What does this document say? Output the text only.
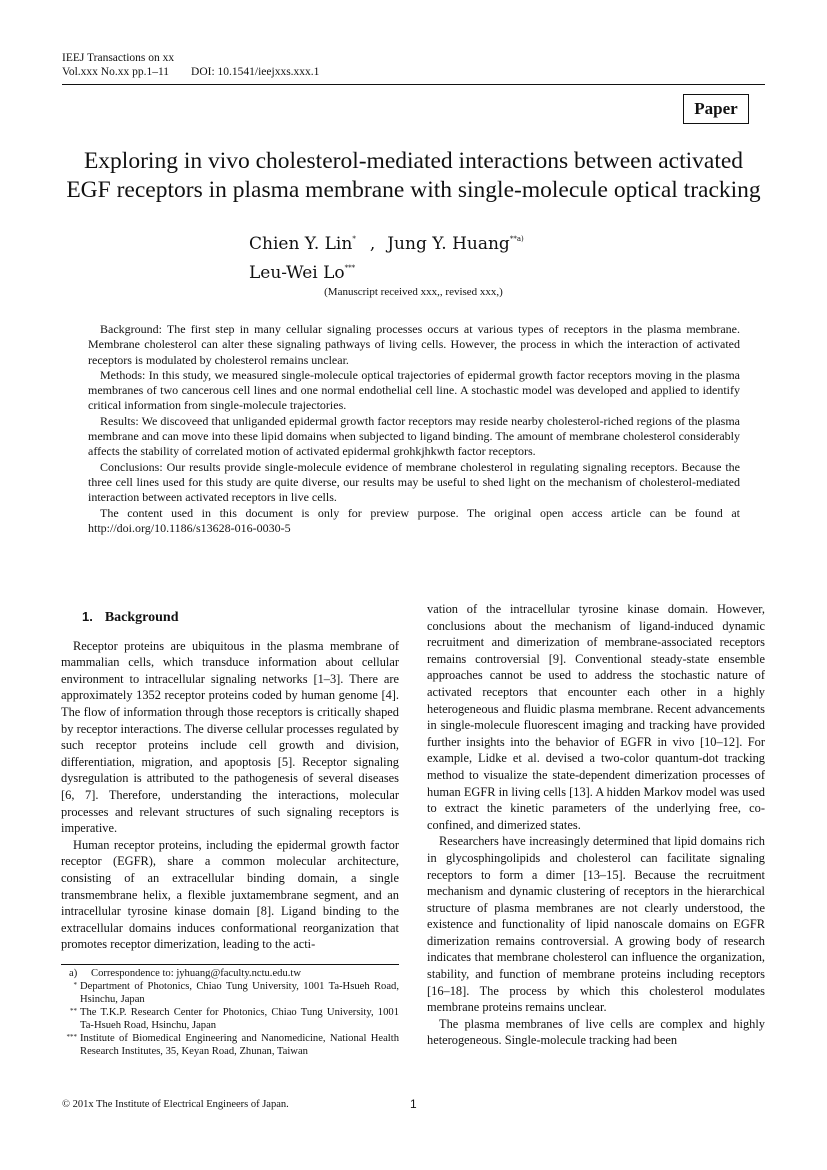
IEEJ Transactions on xx
Vol.xxx No.xx pp.1–11 DOI: 10.1541/ieejxxs.xxx.1
Paper
Exploring in vivo cholesterol-mediated interactions between activated
EGF receptors in plasma membrane with single-molecule optical tracking
Chien Y. Lin* , Jung Y. Huang$^{**a)}$
Leu-Wei Lo***
(Manuscript received xxx,, revised xxx,)

Background: The first step in many cellular signaling processes occurs at various types of receptors in the plasma membrane. Membrane cholesterol can alter these signaling pathways of living cells. However, the process in which the interaction of activated receptors is modulated by cholesterol remains unclear.

Methods: In this study, we measured single-molecule optical trajectories of epidermal growth factor receptors moving in the plasma membranes of two cancerous cell lines and one normal endothelial cell line. A stochastic model was developed and applied to identify critical information from single-molecule trajectories.

Results: We discoveed that unliganded epidermal growth factor receptors may reside nearby cholesterol-riched regions of the plasma membrane and can move into these lipid domains when subjected to ligand binding. The amount of membrane cholesterol considerably affects the stability of correlated motion of activated epidermal grohkjhkwth factor receptors.

Conclusions: Our results provide single-molecule evidence of membrane cholesterol in regulating signaling receptors. Because the three cell lines used for this study are quite diverse, our results may be useful to shed light on the mechanism of cholesterol-mediated interaction between activated receptors in live cells.

The content used in this document is only for preview purpose. The original open access article can be found at http://doi.org/10.1186/s13628-016-0030-5

1. Background

Receptor proteins are ubiquitous in the plasma membrane of mammalian cells, which transduce information about cellular environment to intracellular signaling networks [1–3]. There are approximately 1352 receptor proteins coded by human genome [4]. The flow of information through those receptors is critically shaped by receptor interactions. The diverse cellular processes regulated by such receptor proteins include cell growth and division, differentiation, migration, and apoptosis [5]. Receptor signaling dysregulation is attributed to the pathogenesis of several diseases [6, 7]. Therefore, understanding the interactions, molecular processes and relevant structures of such signaling receptors is imperative.

Human receptor proteins, including the epidermal growth factor receptor (EGFR), share a common molecular architecture, consisting of an extracellular binding domain, a single transmembrane helix, a flexible juxtamembrane segment, and an intracellular tyrosine kinase domain [8]. Ligand binding to the extracellular domains induces conformational reorganization that promotes receptor dimerization, leading to the acti-

vation of the intracellular tyrosine kinase domain. However, conclusions about the mechanism of ligand-induced dynamic recruitment and dimerization of membrane-associated receptors remains controversial [9]. Conventional steady-state ensemble approaches cannot be used to address the stochastic nature of activated receptors that encounter each other in a highly heterogeneous and fluidic plasma membrane. Recent advancements in single-molecule fluorescent imaging and tracking have provided further insights into the behavior of EGFR in vivo [10–12]. For example, Lidke et al. devised a two-color quantum-dot tracking method to visualize the state-dependent dimerization processes of human EGFR in living cells [13]. A hidden Markov model was used to extract the kinetic parameters of the underlying free, co-confined, and dimerized states.

Researchers have increasingly determined that lipid domains rich in glycosphingolipids and cholesterol can facilitate signaling receptors to form a dimer [13–15]. Because the recruitment mechanism and dynamic clustering of receptors in the hierarchical structure of plasma membranes are not clearly understood, the existence and functionality of lipid nanoscale domains on EGFR dimerization remains controversial. A growing body of research indicates that membrane cholesterol can influence the organization, stability, and function of membrane proteins including receptors [16–18]. The process by which this cholesterol modulates membrane proteins remains unclear.

The plasma membranes of live cells are complex and highly heterogeneous. Single-molecule tracking had been

a)	Correspondence to: jyhuang@faculty.nctu.edu.tw
* Department of Photonics, Chiao Tung University, 1001 Ta-Hsueh Road, Hsinchu, Japan
** The T.K.P. Research Center for Photonics, Chiao Tung University, 1001 Ta-Hsueh Road, Hsinchu, Japan
*** Institute of Biomedical Engineering and Nanomedicine, National Health Research Institutes, 35, Keyan Road, Zhunan, Taiwan
© 201x The Institute of Electrical Engineers of Japan.	1
